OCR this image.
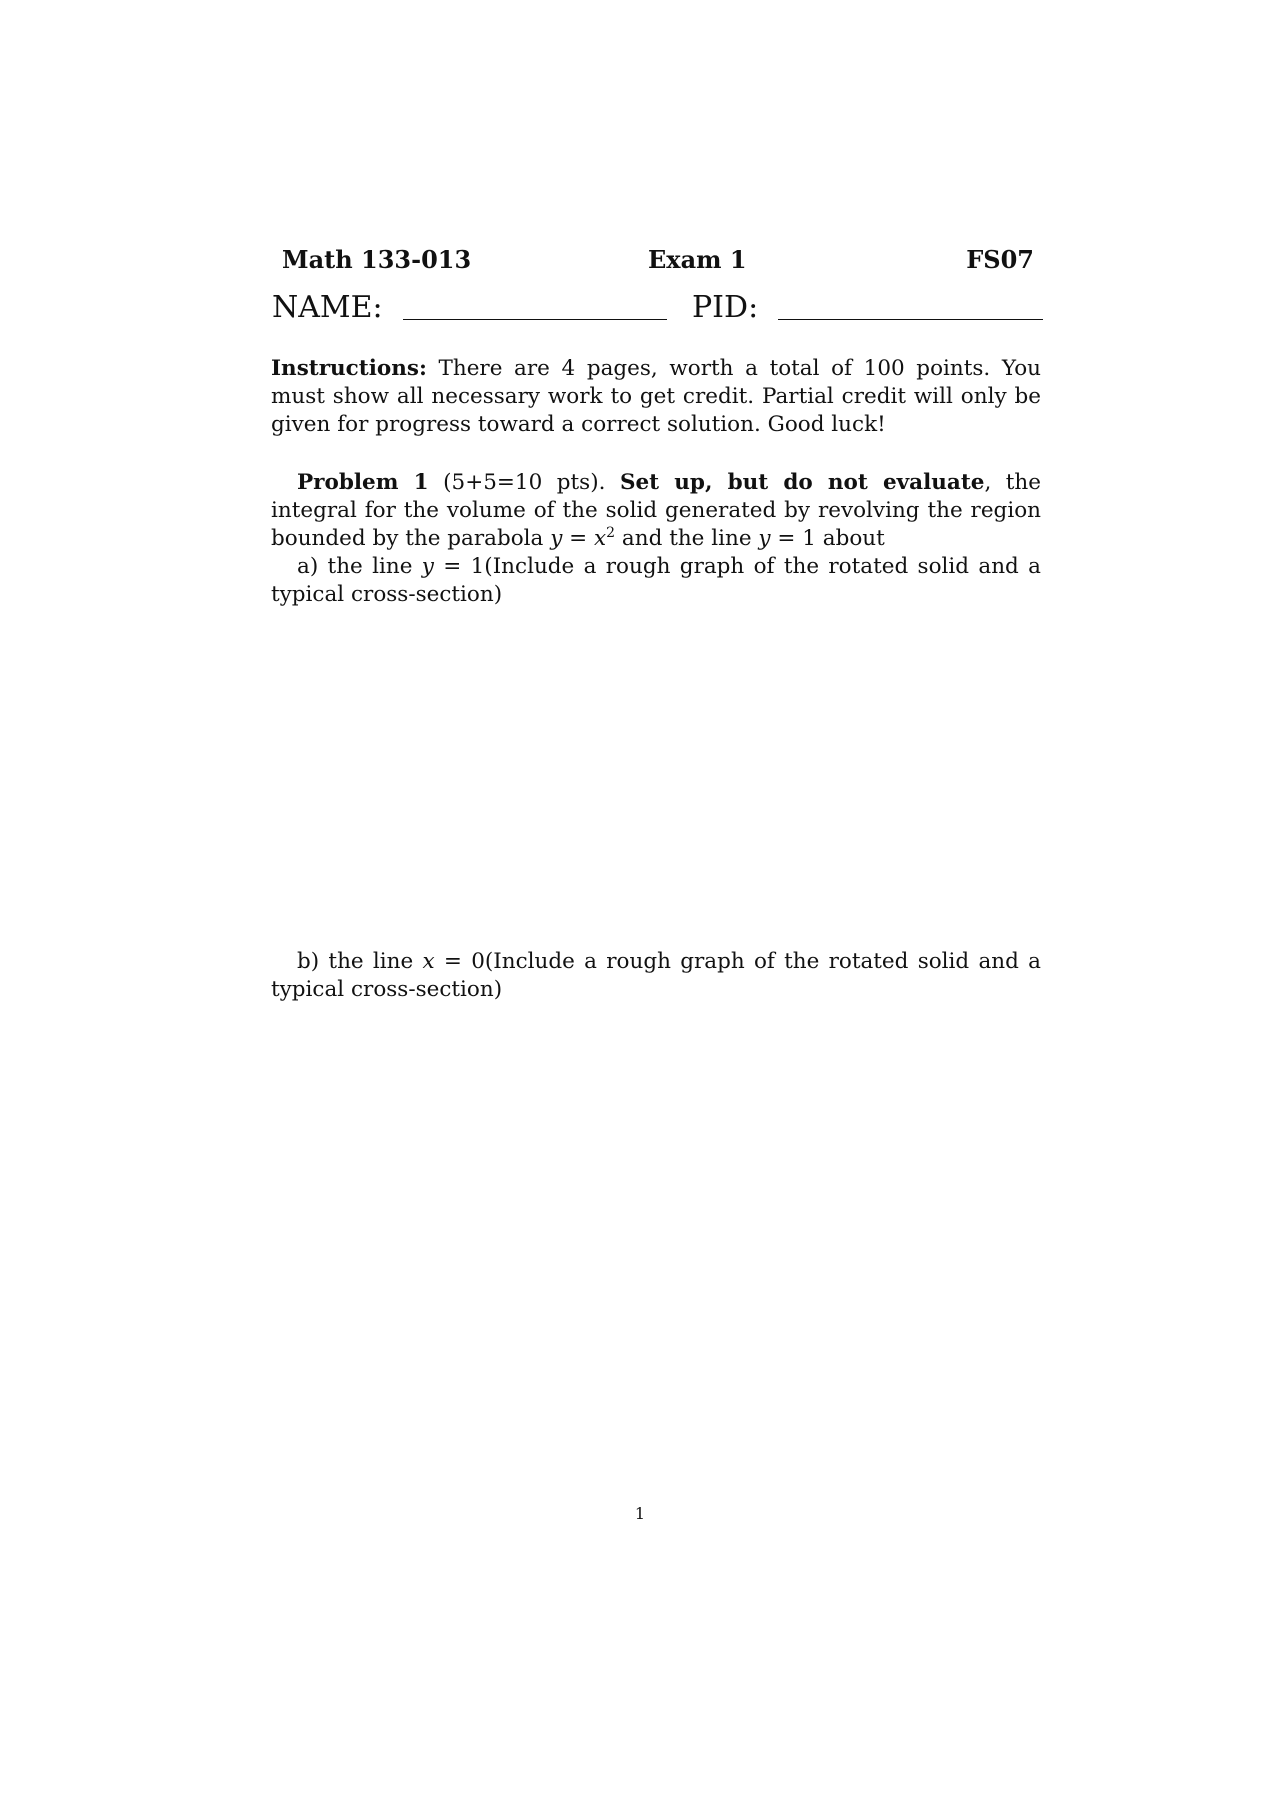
Math 133-013	Exam 1	FS07
NAME:	PID:
Instructions: There are 4 pages, worth a total of 100 points. You must show all necessary work to get credit. Partial credit will only be given for progress toward a correct solution. Good luck!
Problem 1 (5+5=10 pts). Set up, but do not evaluate, the integral for the volume of the solid generated by revolving the region bounded by the parabola $y = x^2$ and the line y = 1 about
a) the line y = 1(Include a rough graph of the rotated solid and a typical cross-section)
b) the line x = 0(Include a rough graph of the rotated solid and a typical cross-section)
1
